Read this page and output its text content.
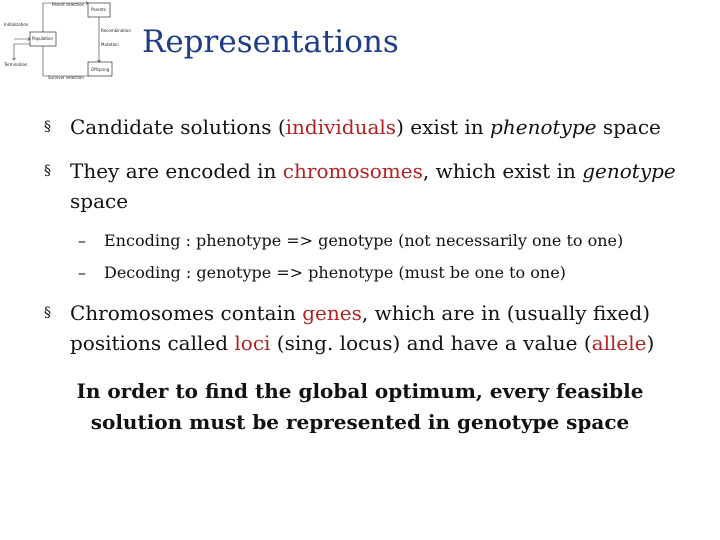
Parent selection
Parents
Initialization
Population
Recombination
Mutation
Termination
Offspring
Survivor selection
Representations
§ Candidate solutions (individuals) exist in phenotype space
§ They are encoded in chromosomes, which exist in genotype space
– Encoding : phenotype => genotype (not necessarily one to one)
– Decoding : genotype => phenotype (must be one to one)
§ Chromosomes contain genes, which are in (usually fixed) positions called loci (sing. locus) and have a value (allele)
In order to find the global optimum, every feasible solution must be represented in genotype space
